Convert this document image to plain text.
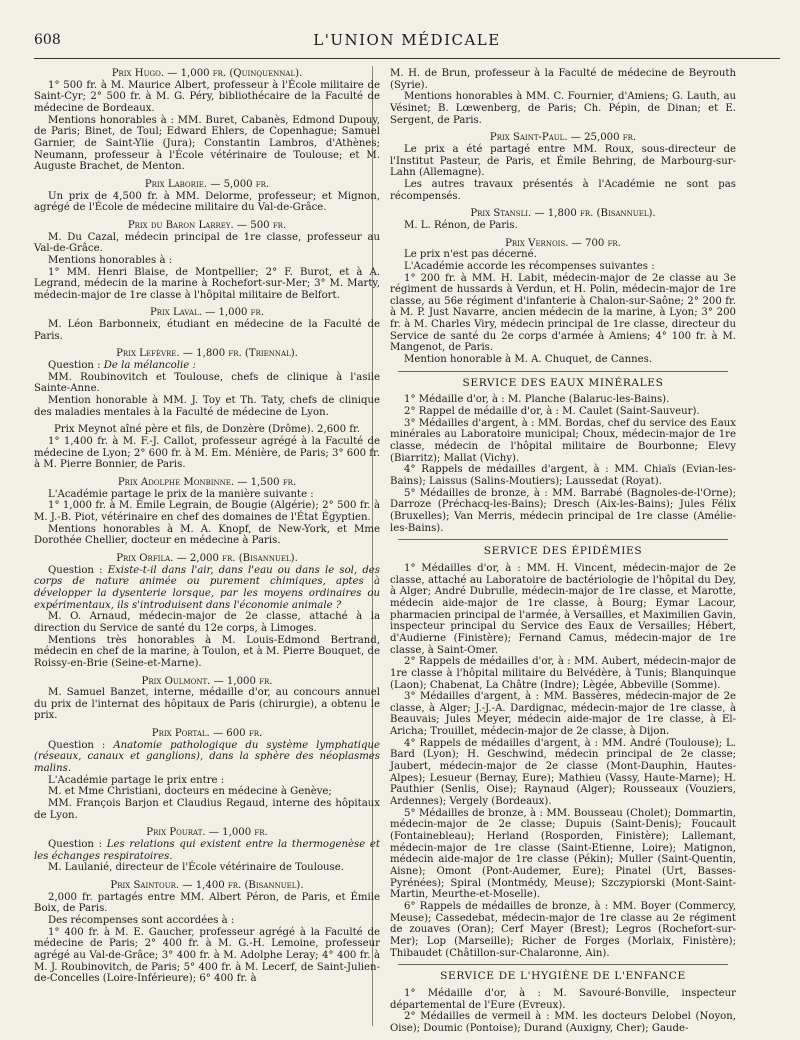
608	L'UNION MÉDICALE

Prix Hugo. — 1,000 fr. (Quinquennal).

1° 500 fr. à M. Maurice Albert, professeur à l'École militaire de Saint-Cyr; 2° 500 fr. à M. G. Péry, bibliothécaire de la Faculté de médecine de Bordeaux.

Mentions honorables à : MM. Buret, Cabanès, Edmond Dupouy, de Paris; Binet, de Toul; Edward Ehlers, de Copenhague; Samuel Garnier, de Saint-Ylie (Jura); Constantin Lambros, d'Athènes; Neumann, professeur à l'École vétérinaire de Toulouse; et M. Auguste Brachet, de Menton.

Prix Laborie. — 5,000 fr.

Un prix de 4,500 fr. à MM. Delorme, professeur; et Mignon, agrégé de l'École de médecine militaire du Val-de-Grâce.

Prix du Baron Larrey. — 500 fr.

M. Du Cazal, médecin principal de 1re classe, professeur au Val-de-Grâce.

Mentions honorables à :

1° MM. Henri Blaise, de Montpellier; 2° F. Burot, et à A. Legrand, médecin de la marine à Rochefort-sur-Mer; 3° M. Marty, médecin-major de 1re classe à l'hôpital militaire de Belfort.

Prix Laval. — 1,000 fr.

M. Léon Barbonneix, étudiant en médecine de la Faculté de Paris.

Prix Lefèvre. — 1,800 fr. (Triennal).

Question : De la mélancolie :

MM. Roubinovitch et Toulouse, chefs de clinique à l'asile Sainte-Anne.

Mention honorable à MM. J. Toy et Th. Taty, chefs de clinique des maladies mentales à la Faculté de médecine de Lyon.

Prix Meynot aîné père et fils, de Donzère (Drôme). 2,600 fr.

1° 1,400 fr. à M. F.-J. Callot, professeur agrégé à la Faculté de médecine de Lyon; 2° 600 fr. à M. Em. Ménière, de Paris; 3° 600 fr. à M. Pierre Bonnier, de Paris.

Prix Adolphe Monbinne. — 1,500 fr.

L'Académie partage le prix de la manière suivante :

1° 1,000 fr. à M. Émile Legrain, de Bougie (Algérie); 2° 500 fr. à M. J.-B. Piot, vétérinaire en chef des domaines de l'État Égyptien.

Mentions honorables à M. A. Knopf, de New-York, et Mme Dorothée Chellier, docteur en médecine à Paris.

Prix Orfila. — 2,000 fr. (Bisannuel).

Question : Existe-t-il dans l'air, dans l'eau ou dans le sol, des corps de nature animée ou purement chimiques, aptes à développer la dysenterie lorsque, par les moyens ordinaires ou expérimentaux, ils s'introduisent dans l'économie animale ?

M. O. Arnaud, médecin-major de 2e classe, attaché à la direction du Service de santé du 12e corps, à Limoges.

Mentions très honorables à M. Louis-Edmond Bertrand, médecin en chef de la marine, à Toulon, et à M. Pierre Bouquet, de Roissy-en-Brie (Seine-et-Marne).

Prix Oulmont. — 1,000 fr.

M. Samuel Banzet, interne, médaille d'or, au concours annuel du prix de l'internat des hôpitaux de Paris (chirurgie), a obtenu le prix.

Prix Portal. — 600 fr.

Question : Anatomie pathologique du système lymphatique (réseaux, canaux et ganglions), dans la sphère des néoplasmes malins.

L'Académie partage le prix entre :

M. et Mme Christiani, docteurs en médecine à Genève;

MM. François Barjon et Claudius Regaud, interne des hôpitaux de Lyon.

Prix Pourat. — 1,000 fr.

Question : Les relations qui existent entre la thermogenèse et les échanges respiratoires.

M. Laulanié, directeur de l'École vétérinaire de Toulouse.

Prix Saintour. — 1,400 fr. (Bisannuel).

2,000 fr. partagés entre MM. Albert Péron, de Paris, et Émile Boix, de Paris.

Des récompenses sont accordées à :

1° 400 fr. à M. E. Gaucher, professeur agrégé à la Faculté de médecine de Paris; 2° 400 fr. à M. G.-H. Lemoine, professeur agrégé au Val-de-Grâce; 3° 400 fr. à M. Adolphe Leray; 4° 400 fr. à M. J. Roubinovitch, de Paris; 5° 400 fr. à M. Lecerf, de Saint-Julien-de-Concelles (Loire-Inférieure); 6° 400 fr. à

M. H. de Brun, professeur à la Faculté de médecine de Beyrouth (Syrie).

Mentions honorables à MM. C. Fournier, d'Amiens; G. Lauth, au Vésinet; B. Lœwenberg, de Paris; Ch. Pépin, de Dinan; et E. Sergent, de Paris.

Prix Saint-Paul. — 25,000 fr.

Le prix a été partagé entre MM. Roux, sous-directeur de l'Institut Pasteur, de Paris, et Émile Behring, de Marbourg-sur-Lahn (Allemagne).

Les autres travaux présentés à l'Académie ne sont pas récompensés.

Prix Stansli. — 1,800 fr. (Bisannuel).

M. L. Rénon, de Paris.

Prix Vernois. — 700 fr.

Le prix n'est pas décerné.

L'Académie accorde les récompenses suivantes :

1° 200 fr. à MM. H. Labit, médecin-major de 2e classe au 3e régiment de hussards à Verdun, et H. Polin, médecin-major de 1re classe, au 56e régiment d'infanterie à Chalon-sur-Saône; 2° 200 fr. à M. P. Just Navarre, ancien médecin de la marine, à Lyon; 3° 200 fr. à M. Charles Viry, médecin principal de 1re classe, directeur du Service de santé du 2e corps d'armée à Amiens; 4° 100 fr. à M. Mangenot, de Paris.

Mention honorable à M. A. Chuquet, de Cannes.

SERVICE DES EAUX MINÉRALES

1° Médaille d'or, à : M. Planche (Balaruc-les-Bains).

2° Rappel de médaille d'or, à : M. Caulet (Saint-Sauveur).

3° Médailles d'argent, à : MM. Bordas, chef du service des Eaux minérales au Laboratoire municipal; Choux, médecin-major de 1re classe, médecin de l'hôpital militaire de Bourbonne; Elevy (Biarritz); Mallat (Vichy).

4° Rappels de médailles d'argent, à : MM. Chiaïs (Evian-les-Bains); Laissus (Salins-Moutiers); Laussedat (Royat).

5° Médailles de bronze, à : MM. Barrabé (Bagnoles-de-l'Orne); Darroze (Préchacq-les-Bains); Dresch (Aix-les-Bains); Jules Félix (Bruxelles); Van Merris, médecin principal de 1re classe (Amélie-les-Bains).

SERVICE DES ÉPIDÉMIES

1° Médailles d'or, à : MM. H. Vincent, médecin-major de 2e classe, attaché au Laboratoire de bactériologie de l'hôpital du Dey, à Alger; André Dubrulle, médecin-major de 1re classe, et Marotte, médecin aide-major de 1re classe, à Bourg; Eymar Lacour, pharmacien principal de l'armée, à Versailles, et Maximilien Gavin, inspecteur principal du Service des Eaux de Versailles; Hébert, d'Audierne (Finistère); Fernand Camus, médecin-major de 1re classe, à Saint-Omer.

2° Rappels de médailles d'or, à : MM. Aubert, médecin-major de 1re classe à l'hôpital militaire du Belvédère, à Tunis; Blanquinque (Laon); Chabenat, La Châtre (Indre); Lègée, Abbeville (Somme).

3° Médailles d'argent, à : MM. Bassères, médecin-major de 2e classe, à Alger; J.-J.-A. Dardignac, médecin-major de 1re classe, à Beauvais; Jules Meyer, médecin aide-major de 1re classe, à El-Aricha; Trouillet, médecin-major de 2e classe, à Dijon.

4° Rappels de médailles d'argent, à : MM. André (Toulouse); L. Bard (Lyon); H. Geschwind, médecin principal de 2e classe; Jaubert, médecin-major de 2e classe (Mont-Dauphin, Hautes-Alpes); Lesueur (Bernay, Eure); Mathieu (Vassy, Haute-Marne); H. Pauthier (Senlis, Oise); Raynaud (Alger); Rousseaux (Vouziers, Ardennes); Vergely (Bordeaux).

5° Médailles de bronze, à : MM. Bousseau (Cholet); Dommartin, médecin-major de 2e classe; Dupuis (Saint-Denis); Foucault (Fontainebleau); Herland (Rosporden, Finistère); Lallemant, médecin-major de 1re classe (Saint-Etienne, Loire); Matignon, médecin aide-major de 1re classe (Pékin); Muller (Saint-Quentin, Aisne); Omont (Pont-Audemer, Eure); Pinatel (Urt, Basses-Pyrénées); Spiral (Montmédy, Meuse); Szczypiorski (Mont-Saint-Martin, Meurthe-et-Moselle).

6° Rappels de médailles de bronze, à : MM. Boyer (Commercy, Meuse); Cassedebat, médecin-major de 1re classe au 2e régiment de zouaves (Oran); Cerf Mayer (Brest); Legros (Rochefort-sur-Mer); Lop (Marseille); Richer de Forges (Morlaix, Finistère); Thibaudet (Châtillon-sur-Chalaronne, Ain).

SERVICE DE L'HYGIÈNE DE L'ENFANCE

1° Médaille d'or, à : M. Savouré-Bonville, inspecteur départemental de l'Eure (Evreux).

2° Médailles de vermeil à : MM. les docteurs Delobel (Noyon, Oise); Doumic (Pontoise); Durand (Auxigny, Cher); Gaude-
